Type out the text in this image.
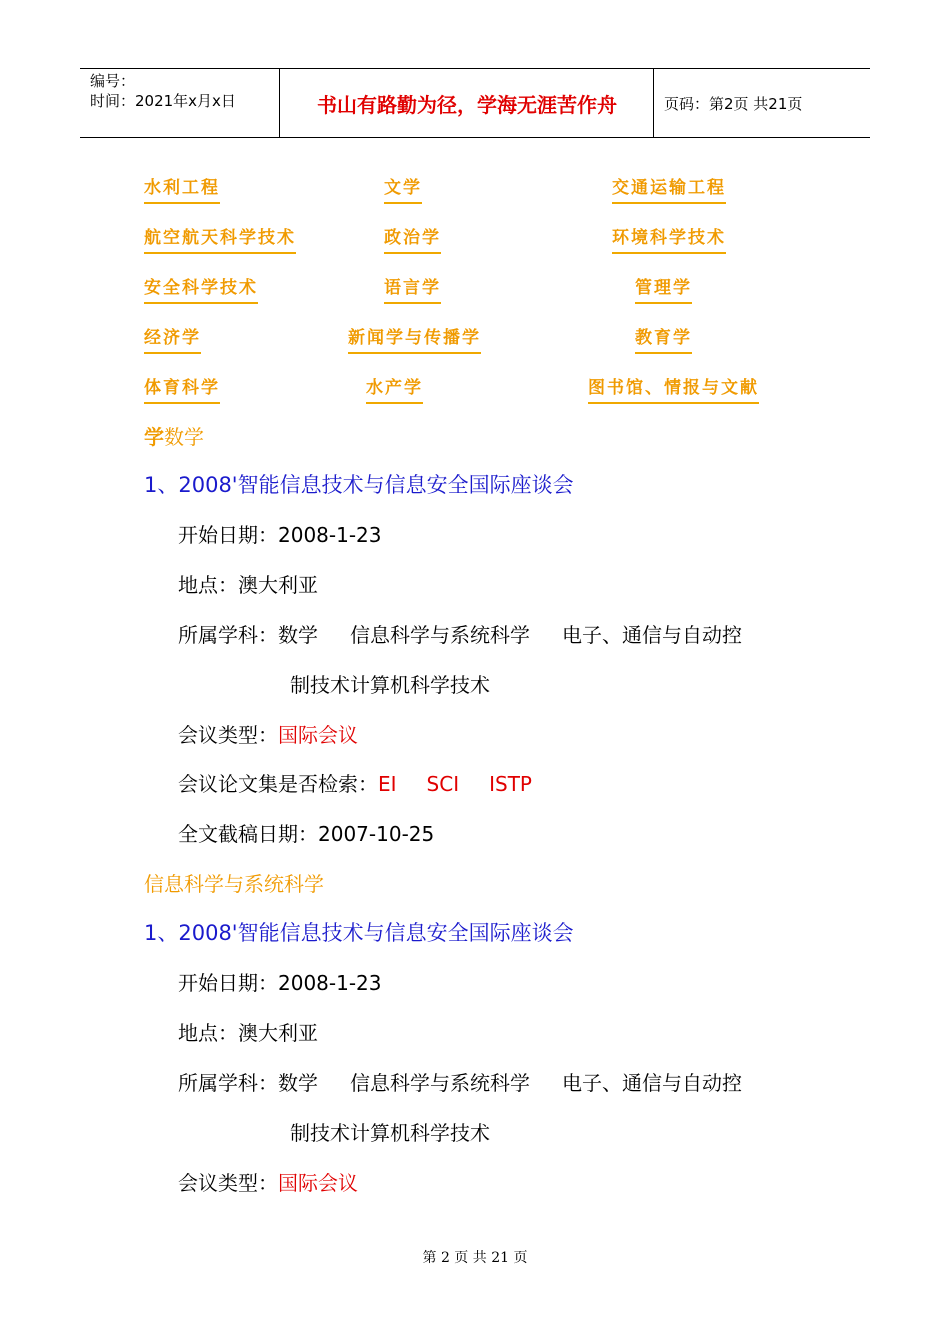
编号：
时间：2021年x月x日	书山有路勤为径，学海无涯苦作舟	页码：第2页 共21页
水利工程	文学	交通运输工程
航空航天科学技术	政治学	环境科学技术
安全科学技术	语言学	管理学
经济学	新闻学与传播学	教育学
体育科学	水产学	图书馆、情报与文献
学数学
1、2008'智能信息技术与信息安全国际座谈会
开始日期：2008-1-23
地点：澳大利亚
所属学科：数学 信息科学与系统科学 电子、通信与自动控
制技术计算机科学技术
会议类型：国际会议
会议论文集是否检索：EI SCI ISTP
全文截稿日期：2007-10-25
信息科学与系统科学
1、2008'智能信息技术与信息安全国际座谈会
开始日期：2008-1-23
地点：澳大利亚
所属学科：数学 信息科学与系统科学 电子、通信与自动控
制技术计算机科学技术
会议类型：国际会议
第 2 页 共 21 页
